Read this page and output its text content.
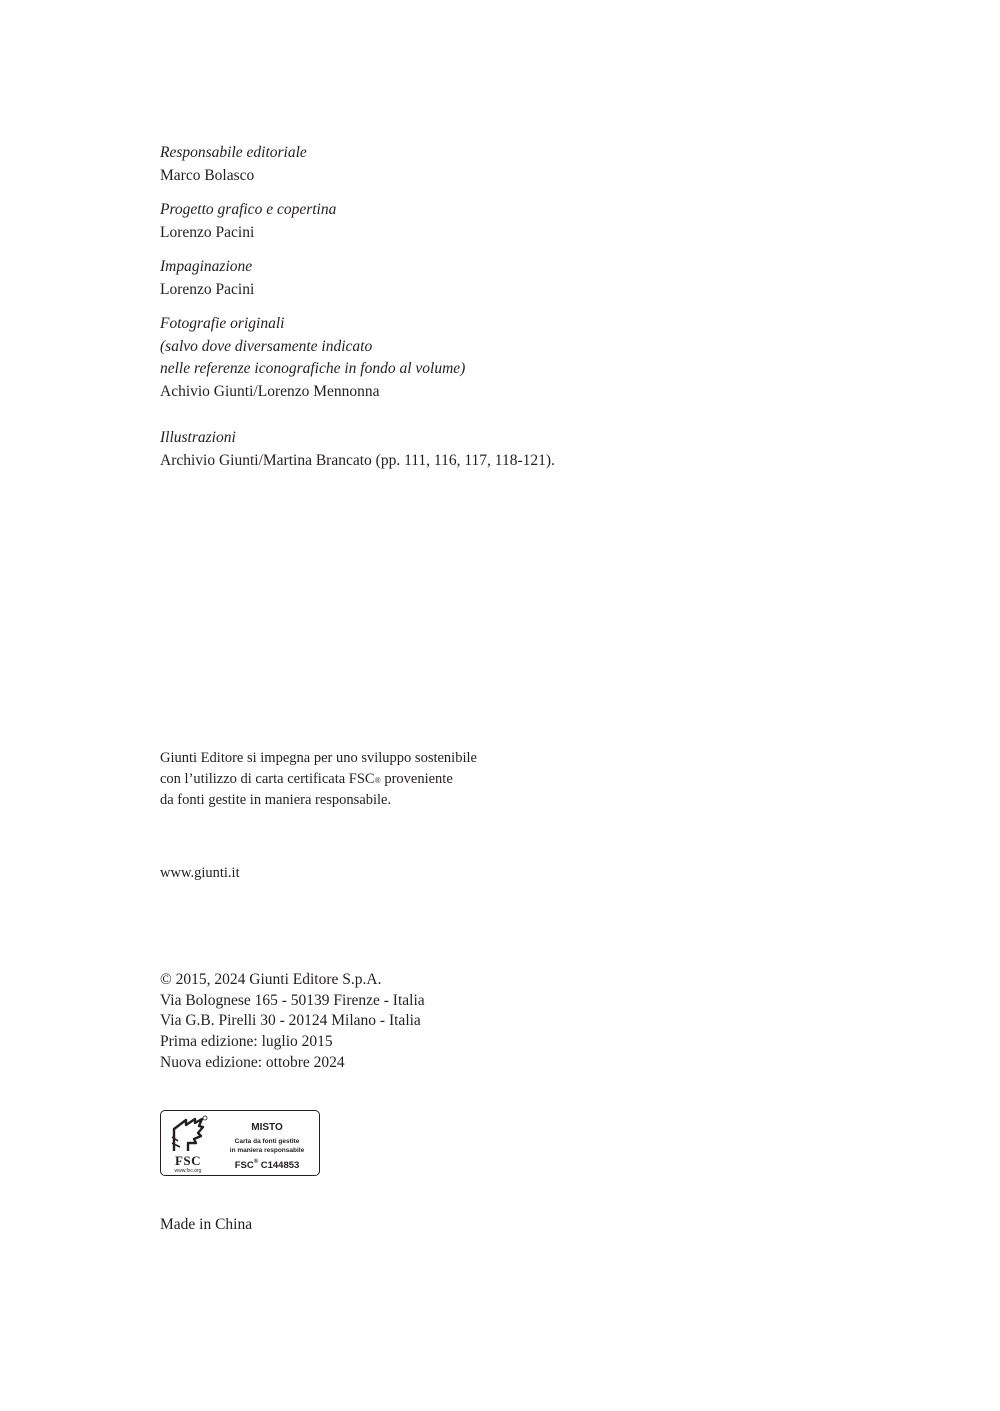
Responsabile editoriale
Marco Bolasco
Progetto grafico e copertina
Lorenzo Pacini
Impaginazione
Lorenzo Pacini
Fotografie originali
(salvo dove diversamente indicato
nelle referenze iconografiche in fondo al volume)
Achivio Giunti/Lorenzo Mennonna
Illustrazioni
Archivio Giunti/Martina Brancato (pp. 111, 116, 117, 118-121).
Giunti Editore si impegna per uno sviluppo sostenibile
con l’utilizzo di carta certificata FSC® proveniente
da fonti gestite in maniera responsabile.
www.giunti.it
© 2015, 2024 Giunti Editore S.p.A.
Via Bolognese 165 - 50139 Firenze - Italia
Via G.B. Pirelli 30 - 20124 Milano - Italia
Prima edizione: luglio 2015
Nuova edizione: ottobre 2024
FSC
www.fsc.org
MISTO
Carta da fonti gestite
in maniera responsabile
FSC® C144853
Made in China
